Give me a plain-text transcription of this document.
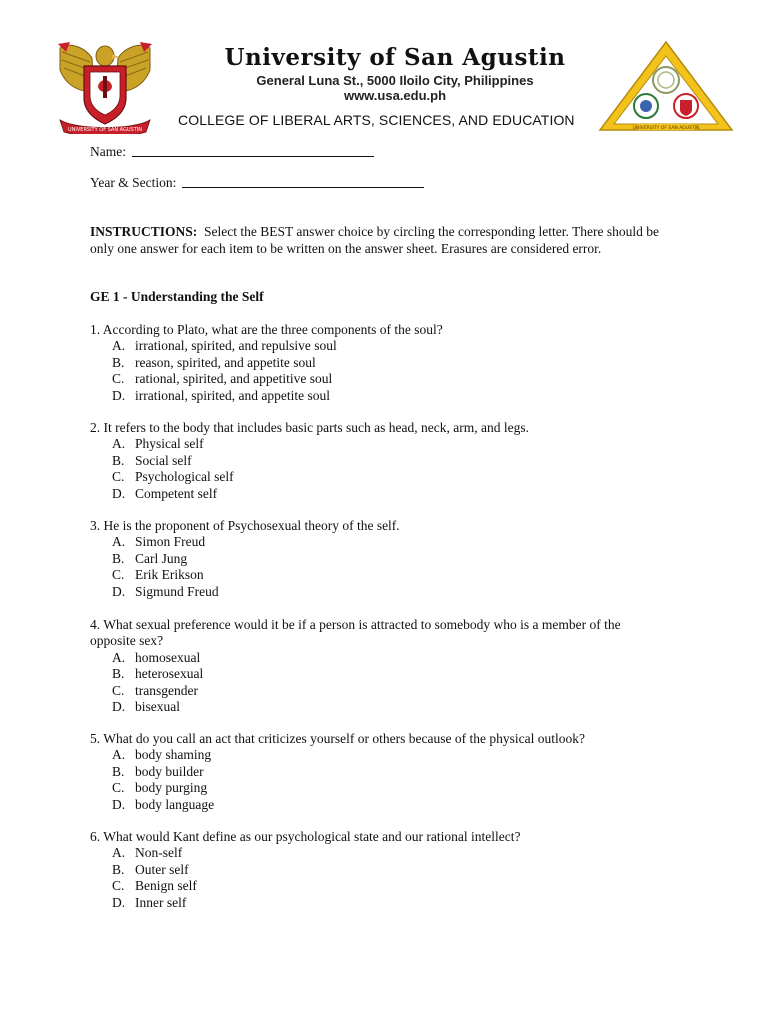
UNIVERSITY OF SAN AGUSTIN
University of San Agustin
General Luna St., 5000 Iloilo City, Philippines
www.usa.edu.ph
COLLEGE OF LIBERAL ARTS, SCIENCES, AND EDUCATION
UNIVERSITY OF SAN AGUSTIN
Name:
Year & Section:
INSTRUCTIONS: Select the BEST answer choice by circling the corresponding letter. There should be
only one answer for each item to be written on the answer sheet. Erasures are considered error.
GE 1 - Understanding the Self

1. According to Plato, what are the three components of the soul?

A. irrational, spirited, and repulsive soul
B. reason, spirited, and appetite soul
C. rational, spirited, and appetitive soul
D. irrational, spirited, and appetite soul

2. It refers to the body that includes basic parts such as head, neck, arm, and legs.

A. Physical self
B. Social self
C. Psychological self
D. Competent self

3. He is the proponent of Psychosexual theory of the self.

A. Simon Freud
B. Carl Jung
C. Erik Erikson
D. Sigmund Freud

4. What sexual preference would it be if a person is attracted to somebody who is a member of the

opposite sex?

A. homosexual
B. heterosexual
C. transgender
D. bisexual

5. What do you call an act that criticizes yourself or others because of the physical outlook?

A. body shaming
B. body builder
C. body purging
D. body language

6. What would Kant define as our psychological state and our rational intellect?

A. Non-self
B. Outer self
C. Benign self
D. Inner self
